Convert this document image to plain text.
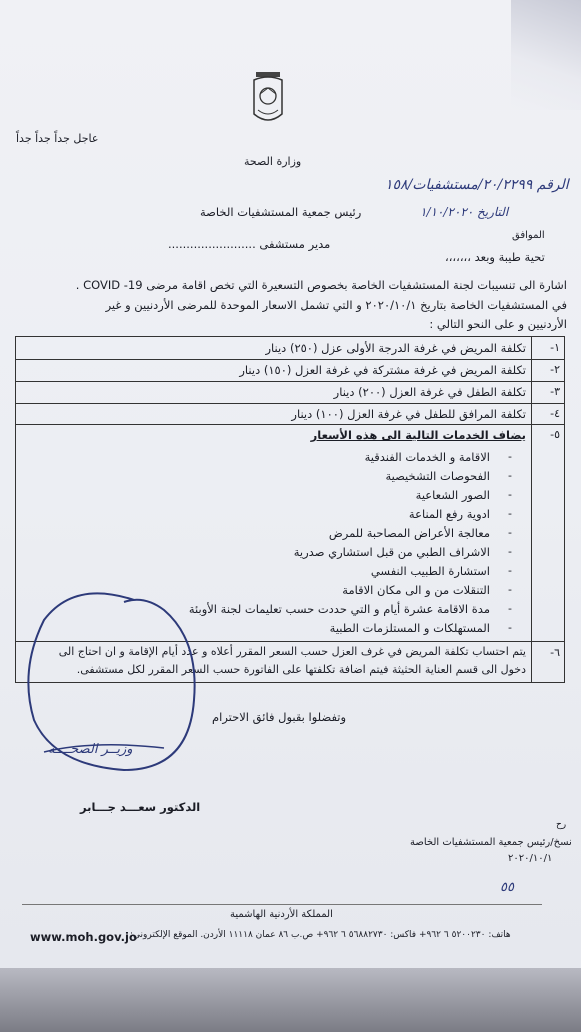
عاجل جداً جداً جداً
وزارة الصحة
الرقم ٢٠/٢٢٩٩/مستشفيات/١٥٨
التاريخ ١/١٠/٢٠٢٠
الموافق
رئيس جمعية المستشفيات الخاصة
مدير مستشفى ........................
تحية طيبة وبعد ،،،،،،،
اشارة الى تنسيبات لجنة المستشفيات الخاصة بخصوص التسعيرة التي تخص اقامة مرضى COVID -19 .
في المستشفيات الخاصة بتاريخ ٢٠٢٠/١٠/١ و التي تشمل الاسعار الموحدة للمرضى الأردنيين و غير
الأردنيين و على النحو التالي :
-١
تكلفة المريض في غرفة الدرجة الأولى عزل (٢٥٠) دينار
-٢
تكلفة المريض في غرفة مشتركة في غرفة العزل (١٥٠) دينار
-٣
تكلفة الطفل في غرفة العزل (٢٠٠) دينار
-٤
تكلفة المرافق للطفل في غرفة العزل (١٠٠) دينار
-٥
يضاف الخدمات التالية الى هذه الأسعار
-
الاقامة و الخدمات الفندقية
-
الفحوصات التشخيصية
-
الصور الشعاعية
-
ادوية رفع المناعة
-
معالجة الأعراض المصاحبة للمرض
-
الاشراف الطبي من قبل استشاري صدرية
-
استشارة الطبيب النفسي
-
التنقلات من و الى مكان الاقامة
-
مدة الاقامة عشرة أيام و التي حددت حسب تعليمات لجنة الأوبئة
-
المستهلكات و المستلزمات الطبية
-٦
يتم احتساب تكلفة المريض في غرف العزل حسب السعر المقرر أعلاه و عدد أيام الإقامة و ان احتاج الى
دخول الى قسم العناية الحثيثة فيتم اضافة تكلفتها على الفاتورة حسب السعر المقرر لكل مستشفى.
وتفضلوا بقبول فائق الاحترام
وزيــر الصحــــه
الدكتور سعـــد جـــابر
رح
نسخ/رئيس جمعية المستشفيات الخاصة
٢٠٢٠/١٠/١
٥٥
المملكة الأردنية الهاشمية
هاتف: ٥٢٠٠٢٣٠ ٦ ٩٦٢+ فاكس: ٥٦٨٨٢٧٣٠ ٦ ٩٦٢+ ص.ب ٨٦ عمان ١١١١٨ الأردن. الموقع الإلكتروني:
www.moh.gov.jo
